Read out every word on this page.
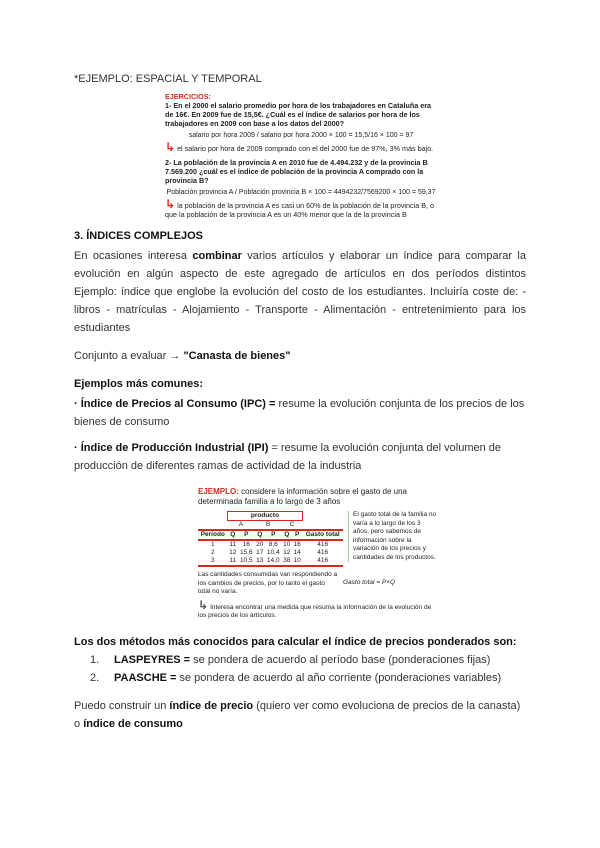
*EJEMPLO: ESPACIAL Y TEMPORAL
EJERCICIOS:
1- En el 2000 el salario promedio por hora de los trabajadores en Cataluña era de 16€. En 2009 fue de 15,5€. ¿Cuál es el índice de salarios por hora de los trabajadores en 2009 con base a los datos del 2000?
salario por hora 2009 / salario por hora 2000 × 100 = 15,5/16 × 100 = 97
↳ el salario por hora de 2009 comprado con el del 2000 fue de 97%, 3% más bajo.
2- La población de la provincia A en 2010 fue de 4.494.232 y de la provincia B 7.569.200 ¿cuál es el índice de población de la provincia A comprado con la provincia B?
Población provincia A / Población provincia B × 100 = 4494232/7569200 × 100 = 59,37
↳ la población de la provincia A es casi un 60% de la población de la provincia B, o que la población de la provincia A es un 40% menor que la de la provincia B
3. ÍNDICES COMPLEJOS
En ocasiones interesa combinar varios artículos y elaborar un índice para comparar la evolución en algún aspecto de este agregado de artículos en dos períodos distintos Ejemplo: índice que englobe la evolución del costo de los estudiantes. Incluiría coste de: - libros - matrículas - Alojamiento - Transporte - Alimentación - entretenimiento para los estudiantes
Conjunto a evaluar → "Canasta de bienes"
Ejemplos más comunes:
· Índice de Precios al Consumo (IPC) = resume la evolución conjunta de los precios de los bienes de consumo
· Índice de Producción Industrial (IPI) = resume la evolución conjunta del volumen de producción de diferentes ramas de actividad de la industria
EJEMPLO: considere la información sobre el gasto de una determinada familia a lo largo de 3 años
	producto						
	A		B		C		
Período	Q	P	Q	P	Q	P	Gasto total
1	11	16	20	8,6	10	16	416
2	12	15,6	17	10,4	12	14	416
3	11	10,5	13	14,0	38	10	416
El gasto total de la familia no varía a lo largo de los 3 años, pero sabemos de información sobre la variación de los precios y cantidades de los productos.
Las cantidades consumidas van respondiendo a los cambios de precios, por lo tanto el gasto total no varía.
Gasto total = P×Q
↳ Interesa encontrar una medida que resuma la información de la evolución de los precios de los artículos.
Los dos métodos más conocidos para calcular el índice de precios ponderados son:
1. LASPEYRES = se pondera de acuerdo al período base (ponderaciones fijas)
2. PAASCHE = se pondera de acuerdo al año corriente (ponderaciones variables)
Puedo construir un índice de precio (quiero ver como evoluciona de precios de la canasta) o índice de consumo
